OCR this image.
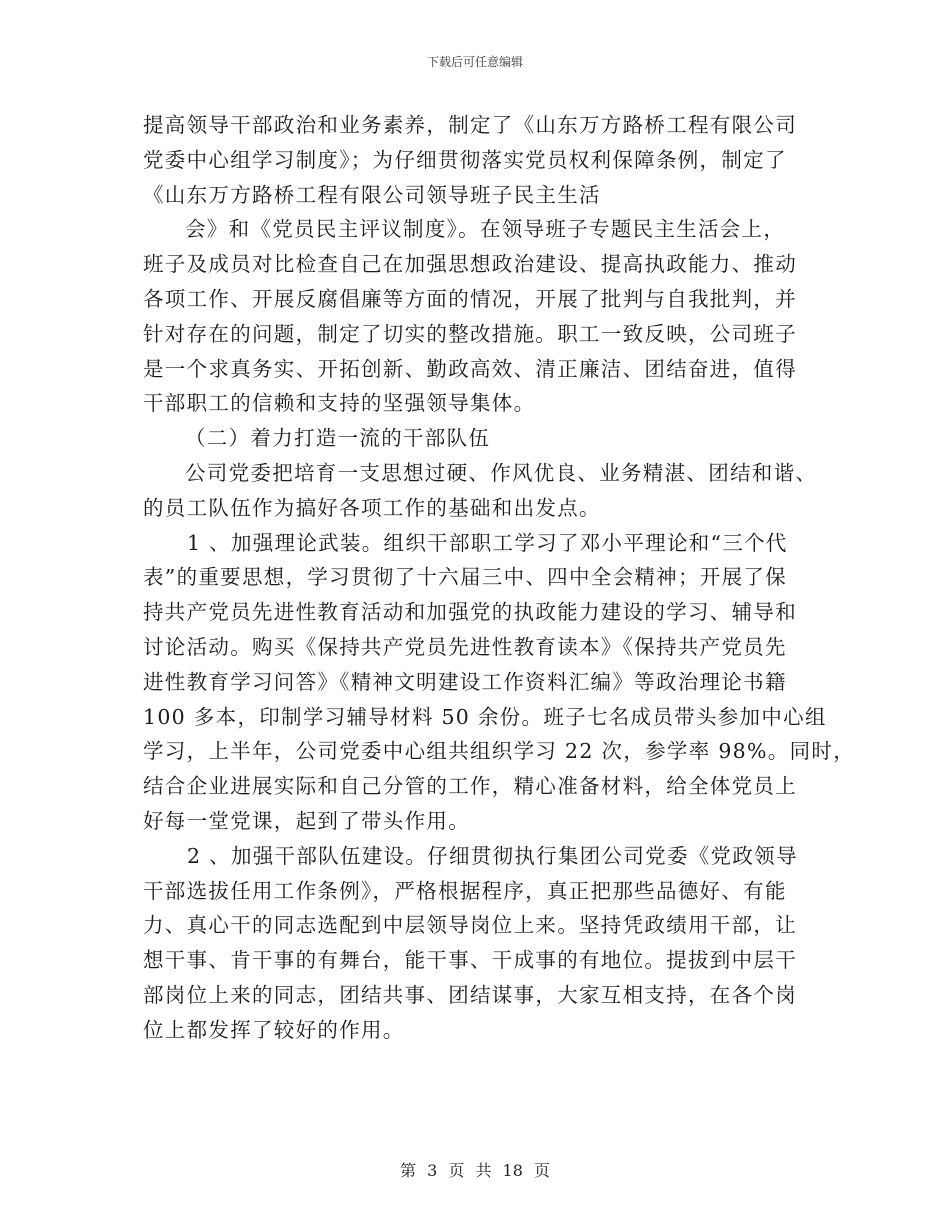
下载后可任意编辑
提高领导干部政治和业务素养，制定了《山东万方路桥工程有限公司
党委中心组学习制度》；为仔细贯彻落实党员权利保障条例，制定了
《山东万方路桥工程有限公司领导班子民主生活
会》和《党员民主评议制度》。在领导班子专题民主生活会上，
班子及成员对比检查自己在加强思想政治建设、提高执政能力、推动
各项工作、开展反腐倡廉等方面的情况，开展了批判与自我批判，并
针对存在的问题，制定了切实的整改措施。职工一致反映，公司班子
是一个求真务实、开拓创新、勤政高效、清正廉洁、团结奋进，值得
干部职工的信赖和支持的坚强领导集体。
（二）着力打造一流的干部队伍
公司党委把培育一支思想过硬、作风优良、业务精湛、团结和谐、
的员工队伍作为搞好各项工作的基础和出发点。
1 、加强理论武装。组织干部职工学习了邓小平理论和“三个代
表”的重要思想，学习贯彻了十六届三中、四中全会精神；开展了保
持共产党员先进性教育活动和加强党的执政能力建设的学习、辅导和
讨论活动。购买《保持共产党员先进性教育读本》《保持共产党员先
进性教育学习问答》《精神文明建设工作资料汇编》等政治理论书籍
100 多本，印制学习辅导材料 50 余份。班子七名成员带头参加中心组
学习，上半年，公司党委中心组共组织学习 22 次，参学率 98%。同时，
结合企业进展实际和自己分管的工作，精心准备材料，给全体党员上
好每一堂党课，起到了带头作用。
2 、加强干部队伍建设。仔细贯彻执行集团公司党委《党政领导
干部选拔任用工作条例》，严格根据程序，真正把那些品德好、有能
力、真心干的同志选配到中层领导岗位上来。坚持凭政绩用干部，让
想干事、肯干事的有舞台，能干事、干成事的有地位。提拔到中层干
部岗位上来的同志，团结共事、团结谋事，大家互相支持，在各个岗
位上都发挥了较好的作用。
第 3 页 共 18 页
